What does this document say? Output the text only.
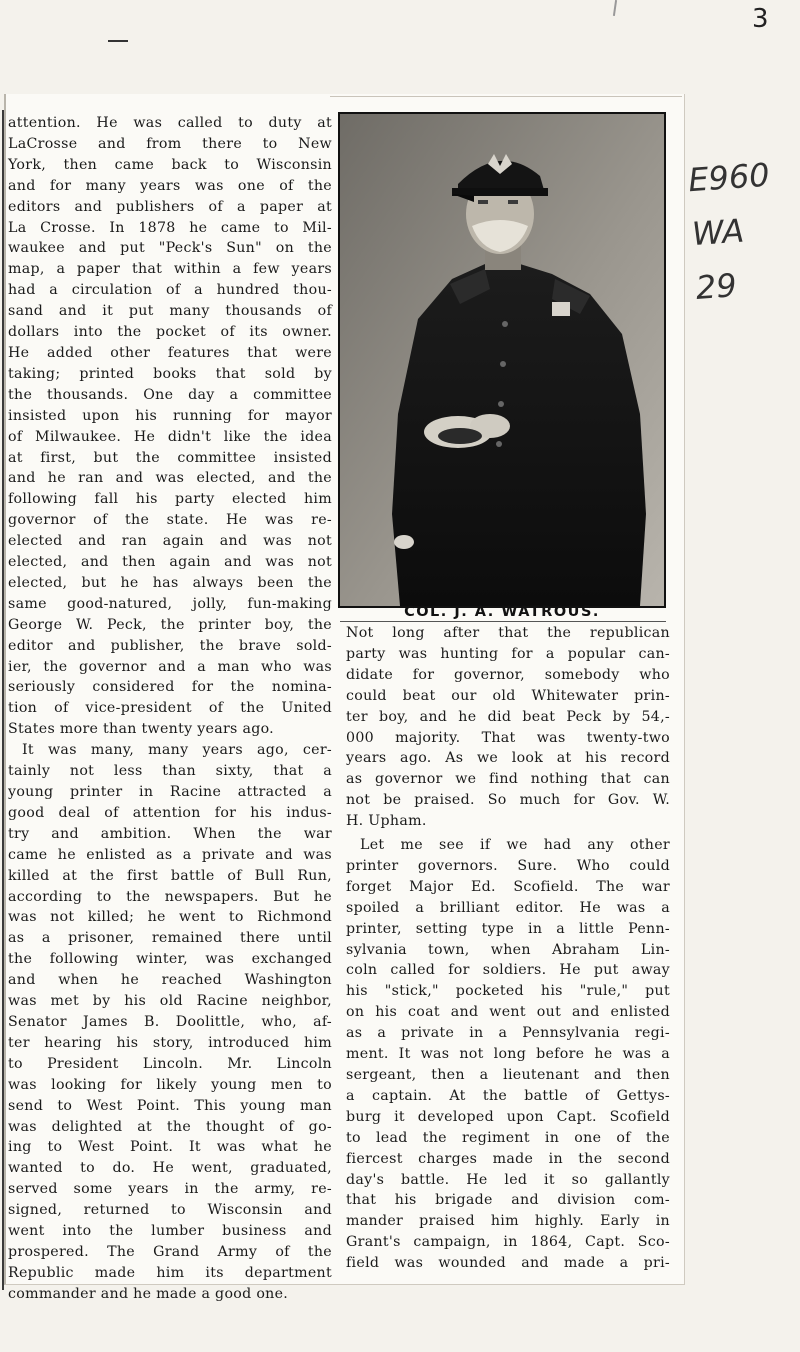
3
attention. He was called to duty at
LaCrosse and from there to New
York, then came back to Wisconsin
and for many years was one of the
editors and publishers of a paper at
La Crosse. In 1878 he came to Mil-
waukee and put "Peck's Sun" on the
map, a paper that within a few years
had a circulation of a hundred thou-
sand and it put many thousands of
dollars into the pocket of its owner.
He added other features that were
taking; printed books that sold by
the thousands. One day a committee
insisted upon his running for mayor
of Milwaukee. He didn't like the idea
at first, but the committee insisted
and he ran and was elected, and the
following fall his party elected him
governor of the state. He was re-
elected and ran again and was not
elected, and then again and was not
elected, but he has always been the
same good-natured, jolly, fun-making
George W. Peck, the printer boy, the
editor and publisher, the brave sold-
ier, the governor and a man who was
seriously considered for the nomina-
tion of vice-president of the United
States more than twenty years ago.
It was many, many years ago, cer-
tainly not less than sixty, that a
young printer in Racine attracted a
good deal of attention for his indus-
try and ambition. When the war
came he enlisted as a private and was
killed at the first battle of Bull Run,
according to the newspapers. But he
was not killed; he went to Richmond
as a prisoner, remained there until
the following winter, was exchanged
and when he reached Washington
was met by his old Racine neighbor,
Senator James B. Doolittle, who, af-
ter hearing his story, introduced him
to President Lincoln. Mr. Lincoln
was looking for likely young men to
send to West Point. This young man
was delighted at the thought of go-
ing to West Point. It was what he
wanted to do. He went, graduated,
served some years in the army, re-
signed, returned to Wisconsin and
went into the lumber business and
prospered. The Grand Army of the
Republic made him its department
commander and he made a good one.
COL. J. A. WATROUS.
Not long after that the republican
party was hunting for a popular can-
didate for governor, somebody who
could beat our old Whitewater prin-
ter boy, and he did beat Peck by 54,-
000 majority. That was twenty-two
years ago. As we look at his record
as governor we find nothing that can
not be praised. So much for Gov. W.
H. Upham.
Let me see if we had any other
printer governors. Sure. Who could
forget Major Ed. Scofield. The war
spoiled a brilliant editor. He was a
printer, setting type in a little Penn-
sylvania town, when Abraham Lin-
coln called for soldiers. He put away
his "stick," pocketed his "rule," put
on his coat and went out and enlisted
as a private in a Pennsylvania regi-
ment. It was not long before he was a
sergeant, then a lieutenant and then
a captain. At the battle of Gettys-
burg it developed upon Capt. Scofield
to lead the regiment in one of the
fiercest charges made in the second
day's battle. He led it so gallantly
that his brigade and division com-
mander praised him highly. Early in
Grant's campaign, in 1864, Capt. Sco-
field was wounded and made a pri-
E960
WA
29
